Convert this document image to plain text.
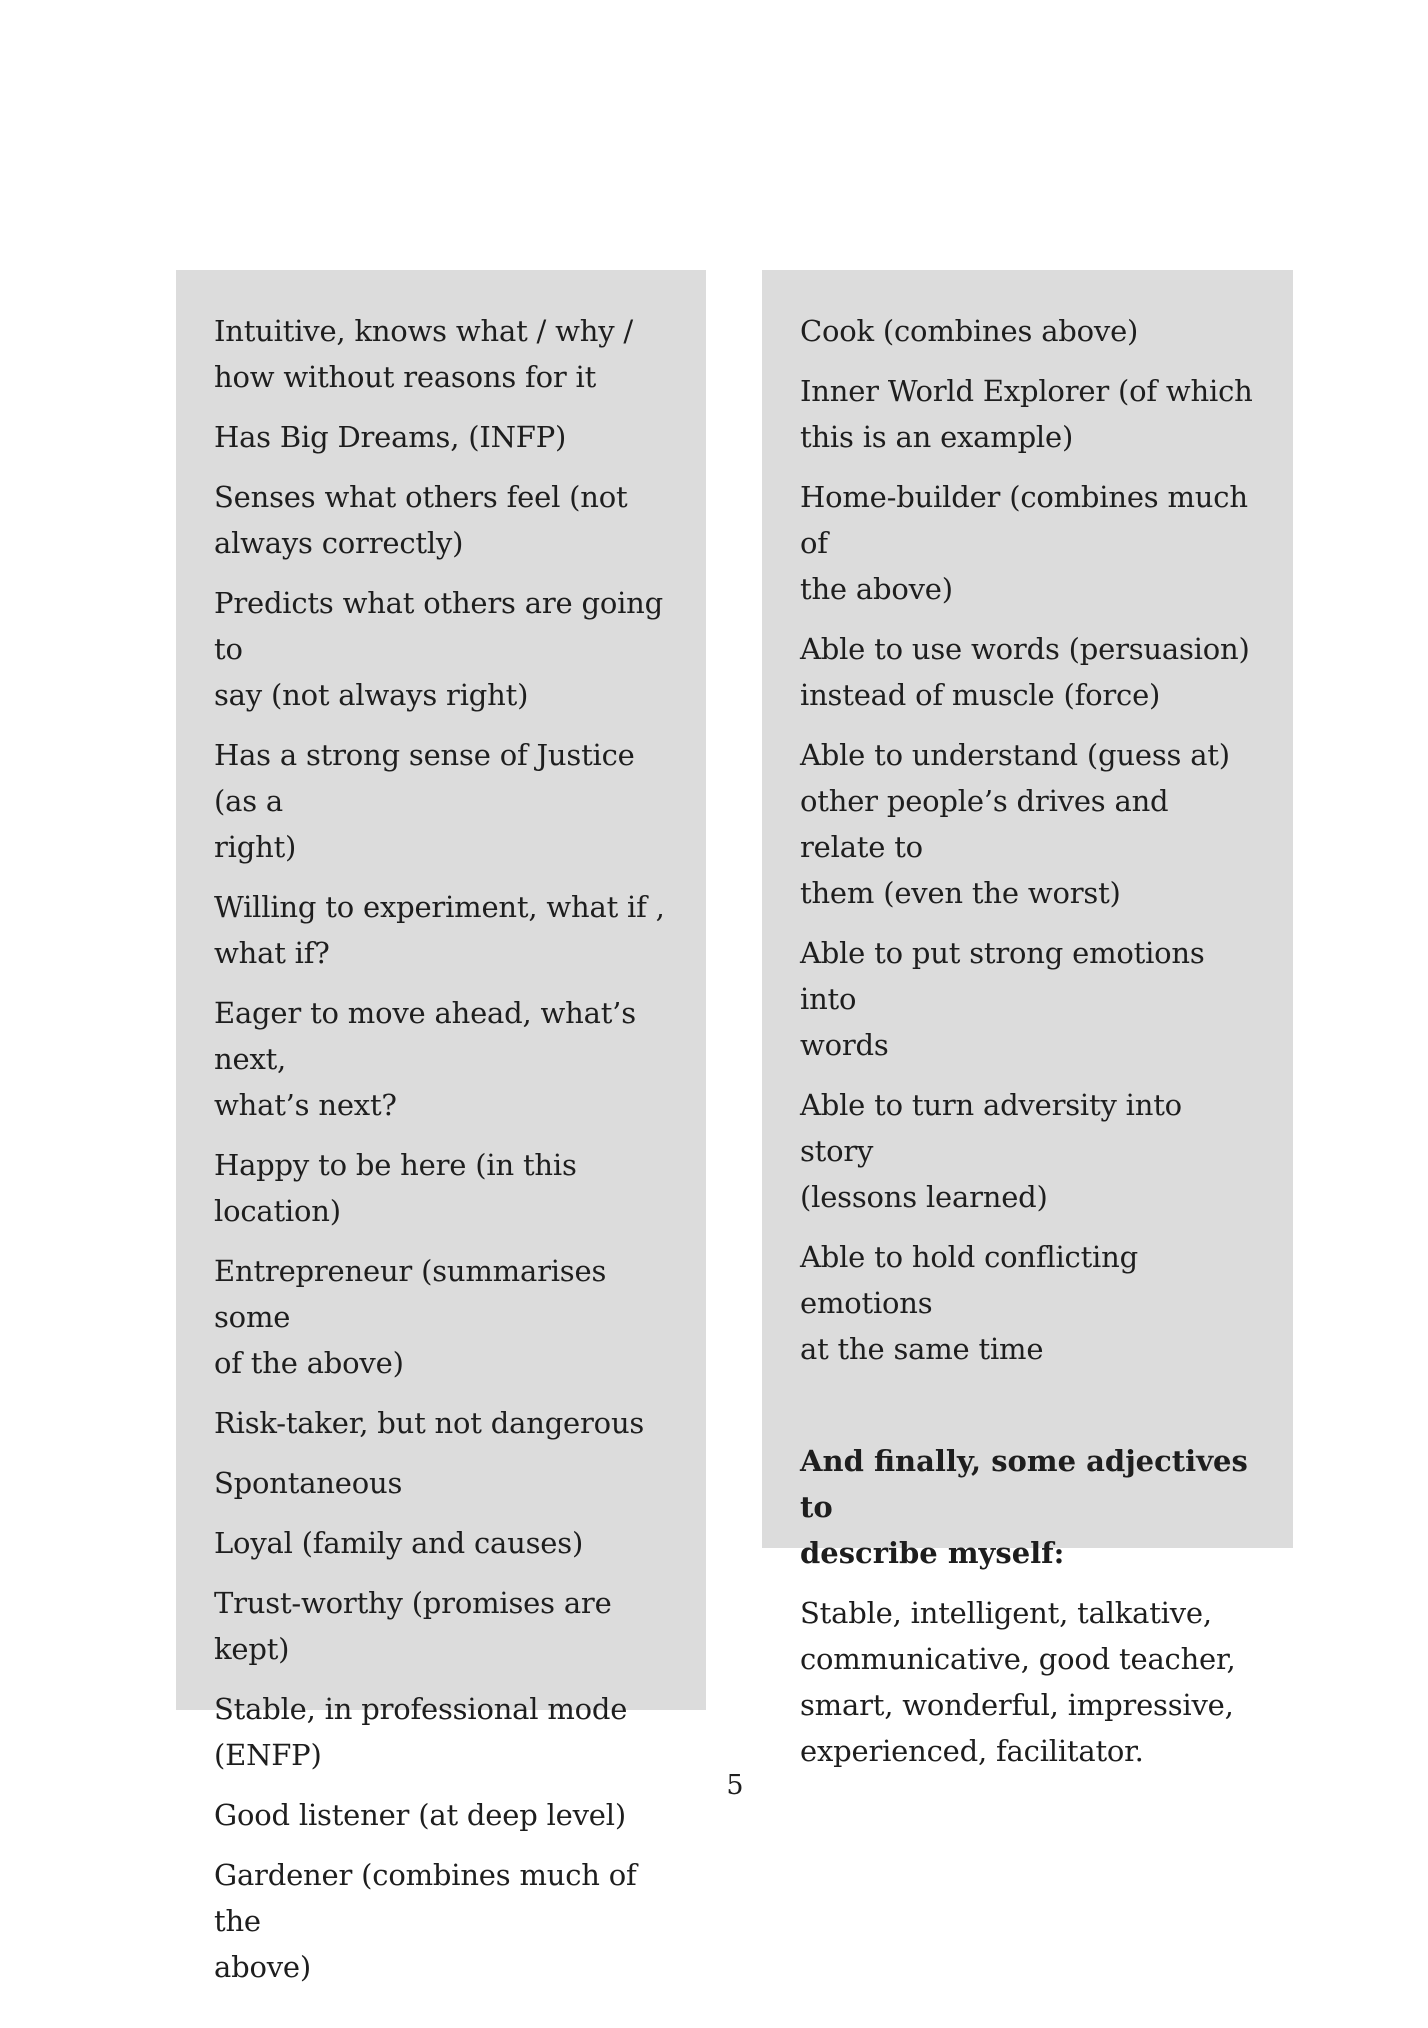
Intuitive, knows what / why /
how without reasons for it

Has Big Dreams, (INFP)

Senses what others feel (not
always correctly)

Predicts what others are going to
say (not always right)

Has a strong sense of Justice (as a
right)

Willing to experiment, what if ,
what if?

Eager to move ahead, what’s next,
what’s next?

Happy to be here (in this location)

Entrepreneur (summarises some
of the above)

Risk-taker, but not dangerous

Spontaneous

Loyal (family and causes)

Trust-worthy (promises are kept)

Stable, in professional mode
(ENFP)

Good listener (at deep level)

Gardener (combines much of the
above)

Cook (combines above)

Inner World Explorer (of which
this is an example)

Home-builder (combines much of
the above)

Able to use words (persuasion)
instead of muscle (force)

Able to understand (guess at)
other people’s drives and relate to
them (even the worst)

Able to put strong emotions into
words

Able to turn adversity into story
(lessons learned)

Able to hold conflicting emotions
at the same time

And finally, some adjectives to
describe myself:

Stable, intelligent, talkative,
communicative, good teacher,
smart, wonderful, impressive,
experienced, facilitator.

5
